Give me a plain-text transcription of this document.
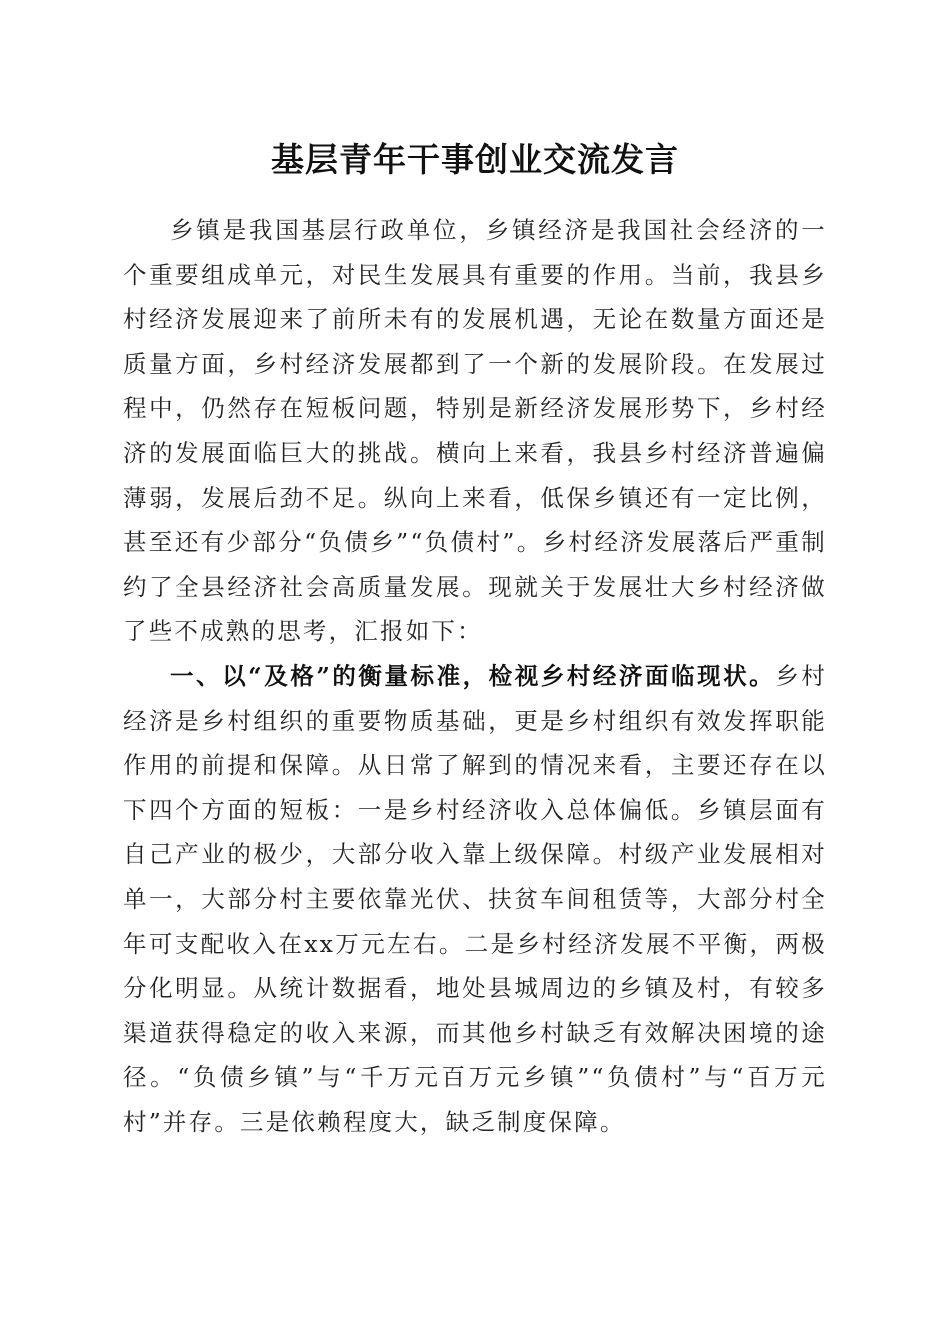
基层青年干事创业交流发言

乡镇是我国基层行政单位，乡镇经济是我国社会经济的一个重要组成单元，对民生发展具有重要的作用。当前，我县乡村经济发展迎来了前所未有的发展机遇，无论在数量方面还是质量方面，乡村经济发展都到了一个新的发展阶段。在发展过程中，仍然存在短板问题，特别是新经济发展形势下，乡村经济的发展面临巨大的挑战。横向上来看，我县乡村经济普遍偏薄弱，发展后劲不足。纵向上来看，低保乡镇还有一定比例，甚至还有少部分“负债乡”“负债村”。乡村经济发展落后严重制约了全县经济社会高质量发展。现就关于发展壮大乡村经济做了些不成熟的思考，汇报如下：

一、以“及格”的衡量标准，检视乡村经济面临现状。乡村经济是乡村组织的重要物质基础，更是乡村组织有效发挥职能作用的前提和保障。从日常了解到的情况来看，主要还存在以下四个方面的短板：一是乡村经济收入总体偏低。乡镇层面有自己产业的极少，大部分收入靠上级保障。村级产业发展相对单一，大部分村主要依靠光伏、扶贫车间租赁等，大部分村全年可支配收入在xx万元左右。二是乡村经济发展不平衡，两极分化明显。从统计数据看，地处县城周边的乡镇及村，有较多渠道获得稳定的收入来源，而其他乡村缺乏有效解决困境的途径。“负债乡镇”与“千万元百万元乡镇”“负债村”与“百万元村”并存。三是依赖程度大，缺乏制度保障。
